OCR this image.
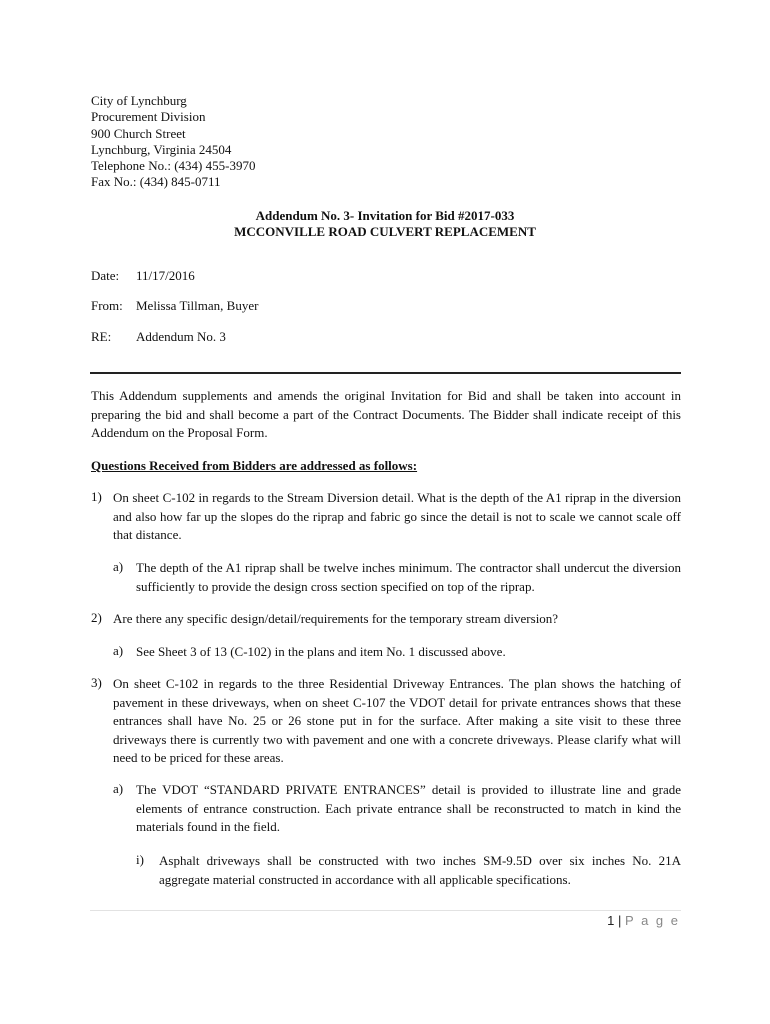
City of Lynchburg
Procurement Division
900 Church Street
Lynchburg, Virginia 24504
Telephone No.: (434) 455-3970
Fax No.: (434) 845-0711
Addendum No. 3- Invitation for Bid #2017-033
MCCONVILLE ROAD CULVERT REPLACEMENT
Date: 11/17/2016
From: Melissa Tillman, Buyer
RE: Addendum No. 3
This Addendum supplements and amends the original Invitation for Bid and shall be taken into account in preparing the bid and shall become a part of the Contract Documents. The Bidder shall indicate receipt of this Addendum on the Proposal Form.
Questions Received from Bidders are addressed as follows:
1) On sheet C-102 in regards to the Stream Diversion detail. What is the depth of the A1 riprap in the diversion and also how far up the slopes do the riprap and fabric go since the detail is not to scale we cannot scale off that distance.
a) The depth of the A1 riprap shall be twelve inches minimum. The contractor shall undercut the diversion sufficiently to provide the design cross section specified on top of the riprap.
2) Are there any specific design/detail/requirements for the temporary stream diversion?
a) See Sheet 3 of 13 (C-102) in the plans and item No. 1 discussed above.
3) On sheet C-102 in regards to the three Residential Driveway Entrances. The plan shows the hatching of pavement in these driveways, when on sheet C-107 the VDOT detail for private entrances shows that these entrances shall have No. 25 or 26 stone put in for the surface. After making a site visit to these three driveways there is currently two with pavement and one with a concrete driveways. Please clarify what will need to be priced for these areas.
a) The VDOT “STANDARD PRIVATE ENTRANCES” detail is provided to illustrate line and grade elements of entrance construction. Each private entrance shall be reconstructed to match in kind the materials found in the field.
i) Asphalt driveways shall be constructed with two inches SM-9.5D over six inches No. 21A aggregate material constructed in accordance with all applicable specifications.
1 | P a g e
